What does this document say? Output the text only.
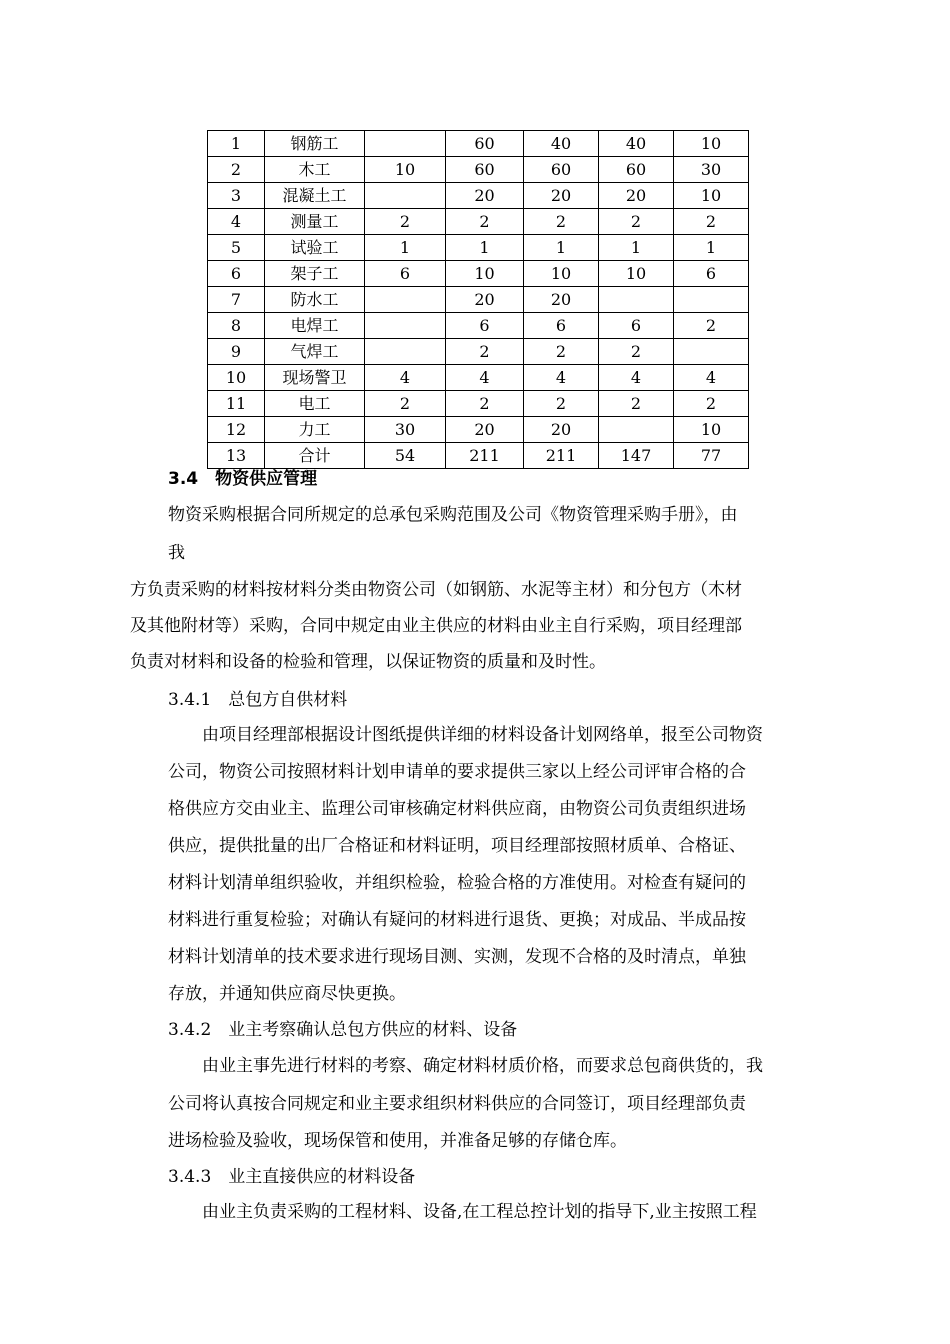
1	钢筋工		60	40	40	10
2	木工	10	60	60	60	30
3	混凝土工		20	20	20	10
4	测量工	2	2	2	2	2
5	试验工	1	1	1	1	1
6	架子工	6	10	10	10	6
7	防水工		20	20		
8	电焊工		6	6	6	2
9	气焊工		2	2	2	
10	现场警卫	4	4	4	4	4
11	电工	2	2	2	2	2
12	力工	30	20	20		10
13	合计	54	211	211	147	77
3.4　物资供应管理
物资采购根据合同所规定的总承包采购范围及公司《物资管理采购手册》，由
我
方负责采购的材料按材料分类由物资公司（如钢筋、水泥等主材）和分包方（木材
及其他附材等）采购，合同中规定由业主供应的材料由业主自行采购，项目经理部
负责对材料和设备的检验和管理，以保证物资的质量和及时性。
3.4.1　总包方自供材料
由项目经理部根据设计图纸提供详细的材料设备计划网络单，报至公司物资
公司，物资公司按照材料计划申请单的要求提供三家以上经公司评审合格的合
格供应方交由业主、监理公司审核确定材料供应商，由物资公司负责组织进场
供应，提供批量的出厂合格证和材料证明，项目经理部按照材质单、合格证、
材料计划清单组织验收，并组织检验，检验合格的方准使用。对检查有疑问的
材料进行重复检验；对确认有疑问的材料进行退货、更换；对成品、半成品按
材料计划清单的技术要求进行现场目测、实测，发现不合格的及时清点，单独
存放，并通知供应商尽快更换。
3.4.2　业主考察确认总包方供应的材料、设备
由业主事先进行材料的考察、确定材料材质价格，而要求总包商供货的，我
公司将认真按合同规定和业主要求组织材料供应的合同签订，项目经理部负责
进场检验及验收，现场保管和使用，并准备足够的存储仓库。
3.4.3　业主直接供应的材料设备
由业主负责采购的工程材料、设备,在工程总控计划的指导下,业主按照工程
